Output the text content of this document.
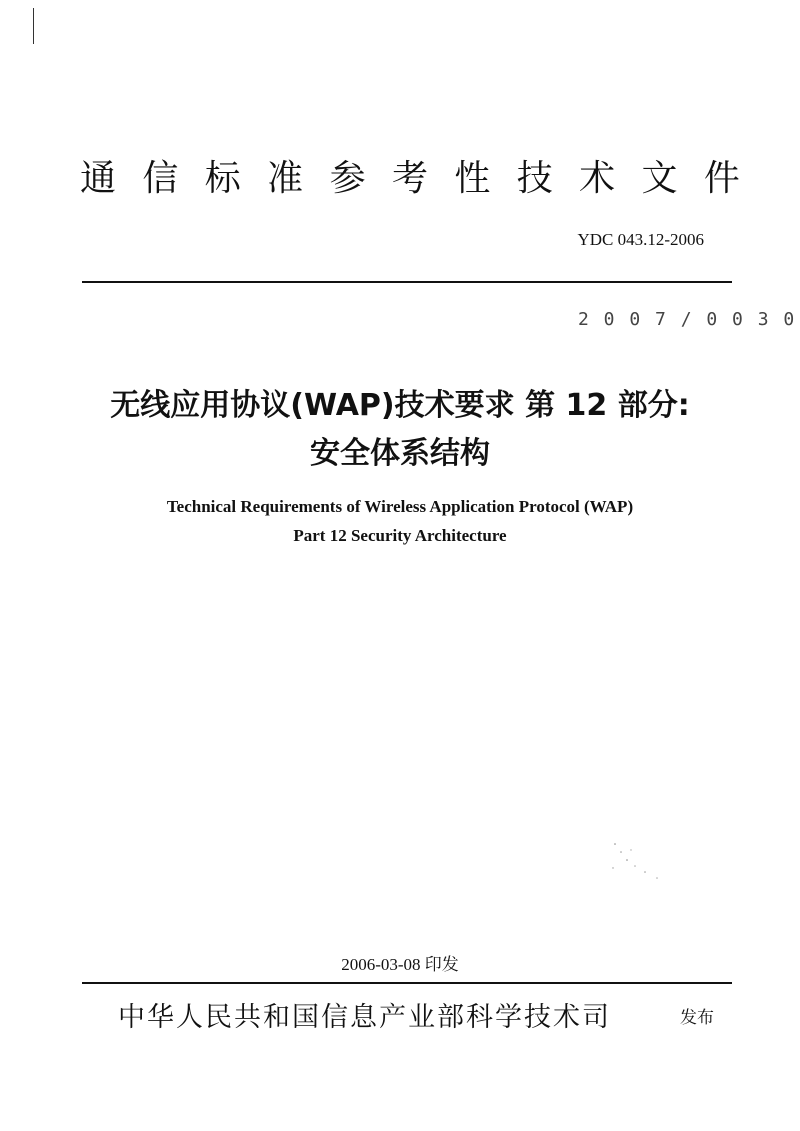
通 信 标 准 参 考 性 技 术 文 件
YDC 043.12-2006
2 0 0 7 / 0 0 3 0
无线应用协议(WAP)技术要求 第 12 部分:
安全体系结构
Technical Requirements of Wireless Application Protocol (WAP)
Part 12 Security Architecture
2006-03-08 印发
中华人民共和国信息产业部科学技术司	发布
